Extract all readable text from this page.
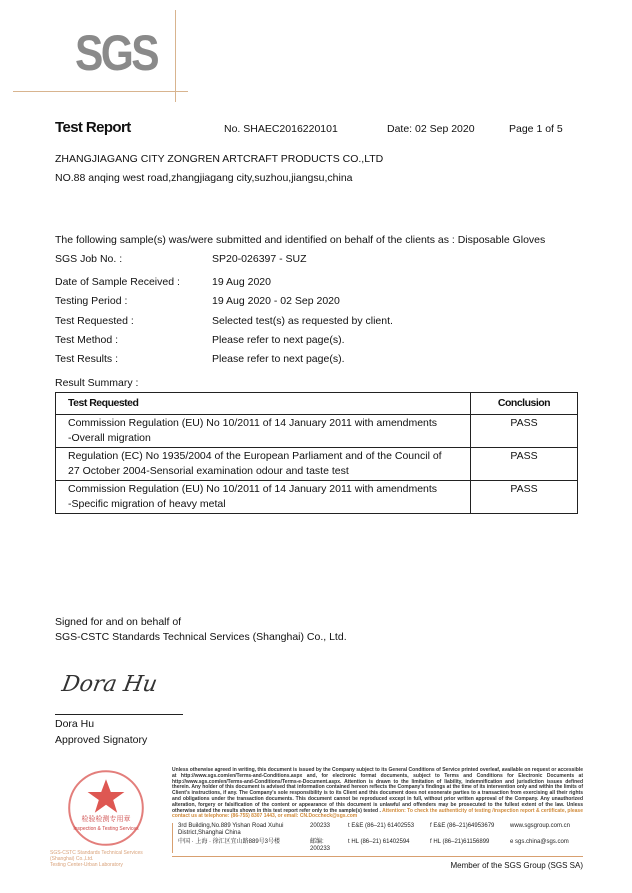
SGS
Test Report	No. SHAEC2016220101	Date: 02 Sep 2020	Page 1 of 5
ZHANGJIAGANG CITY ZONGREN ARTCRAFT PRODUCTS CO.,LTD
NO.88 anqing west road,zhangjiagang city,suzhou,jiangsu,china
The following sample(s) was/were submitted and identified on behalf of the clients as : Disposable Gloves
SGS Job No. :	SP20-026397 - SUZ
Date of Sample Received :	19 Aug 2020
Testing Period :	19 Aug 2020 - 02 Sep 2020
Test Requested :	Selected test(s) as requested by client.
Test Method :	Please refer to next page(s).
Test Results :	Please refer to next page(s).
Result Summary :
Test Requested	Conclusion

Commission Regulation (EU) No 10/2011 of 14 January 2011 with amendments
-Overall migration	PASS

Regulation (EC) No 1935/2004 of the European Parliament and of the Council of
27 October 2004-Sensorial examination odour and taste test	PASS

Commission Regulation (EU) No 10/2011 of 14 January 2011 with amendments
-Specific migration of heavy metal	PASS
Signed for and on behalf of
SGS-CSTC Standards Technical Services (Shanghai) Co., Ltd.
Dora Hu
Dora Hu
Approved Signatory
检验检测专用章
Inspection & Testing Services
SGS-CSTC Standards Technical Services (Shanghai) Co.,Ltd.
Testing Center-Urban Laboratory
Unless otherwise agreed in writing, this document is issued by the Company subject to its General Conditions of Service printed overleaf, available on request or accessible at http://www.sgs.com/en/Terms-and-Conditions.aspx and, for electronic format documents, subject to Terms and Conditions for Electronic Documents at http://www.sgs.com/en/Terms-and-Conditions/Terms-e-Document.aspx. Attention is drawn to the limitation of liability, indemnification and jurisdiction issues defined therein. Any holder of this document is advised that information contained hereon reflects the Company's findings at the time of its intervention only and within the limits of Client's instructions, if any. The Company's sole responsibility is to its Client and this document does not exonerate parties to a transaction from exercising all their rights and obligations under the transaction documents. This document cannot be reproduced except in full, without prior written approval of the Company. Any unauthorized alteration, forgery or falsification of the content or appearance of this document is unlawful and offenders may be prosecuted to the fullest extent of the law. Unless otherwise stated the results shown in this test report refer only to the sample(s) tested . Attention: To check the authenticity of testing /inspection report & certificate, please contact us at telephone: (86-755) 8307 1443, or email: CN.Doccheck@sgs.com
3rd Building,No.889 Yishan Road Xuhui District,Shanghai China
200233	t E&E (86–21) 61402553	f E&E (86–21)64953679	www.sgsgroup.com.cn
中国 · 上海 · 徐汇区宜山路889号3号楼	邮编: 200233
t HL (86–21) 61402594	f HL (86–21)61156899	e sgs.china@sgs.com
Member of the SGS Group (SGS SA)
